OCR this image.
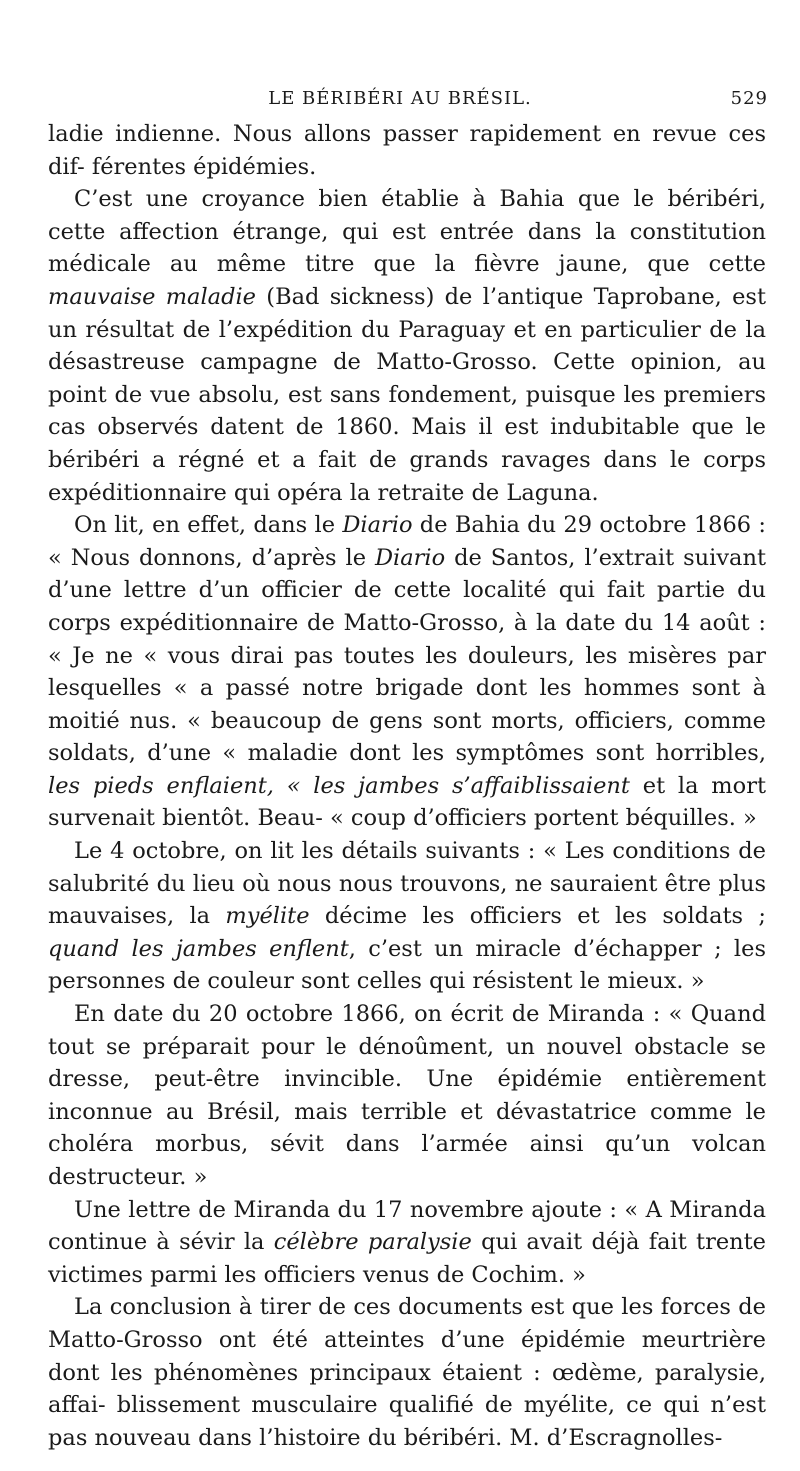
LE BÉRIBÉRI AU BRÉSIL.	529

ladie indienne. Nous allons passer rapidement en revue ces dif- férentes épidémies.

C’est une croyance bien établie à Bahia que le béribéri, cette affection étrange, qui est entrée dans la constitution médicale au même titre que la fièvre jaune, que cette mauvaise maladie (Bad sickness) de l’antique Taprobane, est un résultat de l’expédition du Paraguay et en particulier de la désastreuse campagne de Matto-Grosso. Cette opinion, au point de vue absolu, est sans fondement, puisque les premiers cas observés datent de 1860. Mais il est indubitable que le béribéri a régné et a fait de grands ravages dans le corps expéditionnaire qui opéra la retraite de Laguna.

On lit, en effet, dans le Diario de Bahia du 29 octobre 1866 : « Nous donnons, d’après le Diario de Santos, l’extrait suivant d’une lettre d’un officier de cette localité qui fait partie du corps expéditionnaire de Matto-Grosso, à la date du 14 août : « Je ne « vous dirai pas toutes les douleurs, les misères par lesquelles « a passé notre brigade dont les hommes sont à moitié nus. « beaucoup de gens sont morts, officiers, comme soldats, d’une « maladie dont les symptômes sont horribles, les pieds enflaient, « les jambes s’affaiblissaient et la mort survenait bientôt. Beau- « coup d’officiers portent béquilles. »

Le 4 octobre, on lit les détails suivants : « Les conditions de salubrité du lieu où nous nous trouvons, ne sauraient être plus mauvaises, la myélite décime les officiers et les soldats ; quand les jambes enflent, c’est un miracle d’échapper ; les personnes de couleur sont celles qui résistent le mieux. »

En date du 20 octobre 1866, on écrit de Miranda : « Quand tout se préparait pour le dénoûment, un nouvel obstacle se dresse, peut-être invincible. Une épidémie entièrement inconnue au Brésil, mais terrible et dévastatrice comme le choléra morbus, sévit dans l’armée ainsi qu’un volcan destructeur. »

Une lettre de Miranda du 17 novembre ajoute : « A Miranda continue à sévir la célèbre paralysie qui avait déjà fait trente victimes parmi les officiers venus de Cochim. »

La conclusion à tirer de ces documents est que les forces de Matto-Grosso ont été atteintes d’une épidémie meurtrière dont les phénomènes principaux étaient : œdème, paralysie, affai- blissement musculaire qualifié de myélite, ce qui n’est pas nouveau dans l’histoire du béribéri. M. d’Escragnolles-
